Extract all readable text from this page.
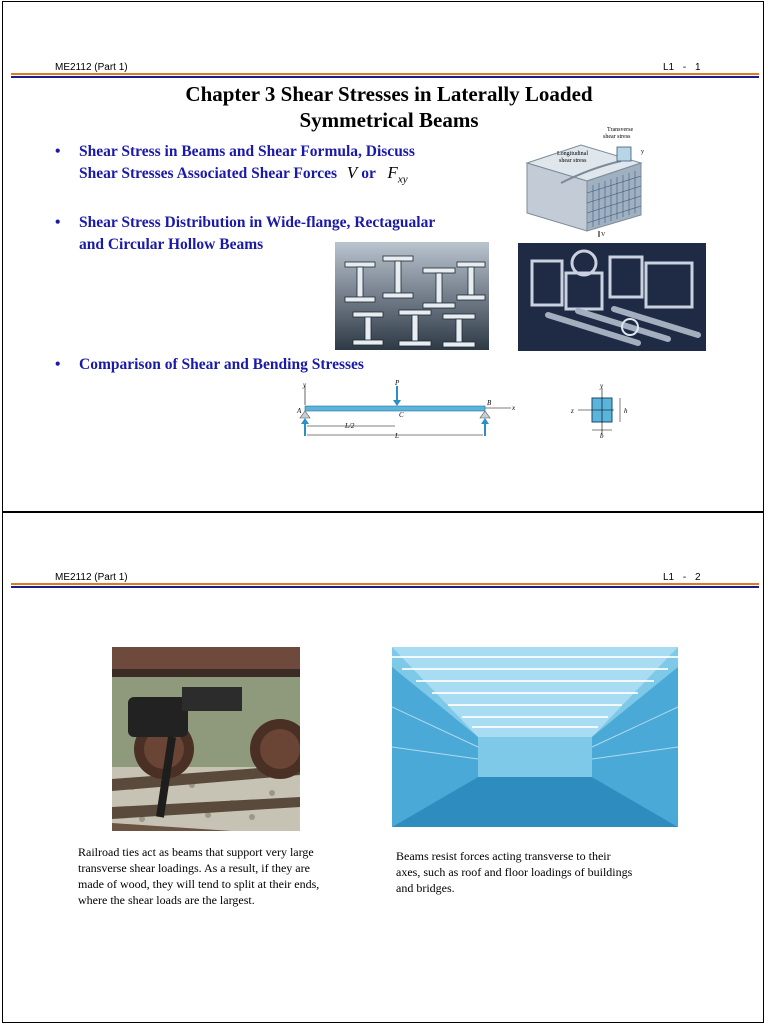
ME2112 (Part 1)	L1 - 1
Chapter 3 Shear Stresses in Laterally Loaded
Symmetrical Beams
• Shear Stress in Beams and Shear Formula, Discuss
Shear Stresses Associated Shear Forces V or $F_{xy}$
• Shear Stress Distribution in Wide-flange, Rectagualar
and Circular Hollow Beams
• Comparison of Shear and Bending Stresses
Transverse
shear stress
Longitudinal
shear stress
y
V
y	P
A
B
C
x
L/2
L
y
z	h
b
ME2112 (Part 1)	L1 - 2
Railroad ties act as beams that support very large
transverse shear loadings. As a result, if they are
made of wood, they will tend to split at their ends,
where the shear loads are the largest.
Beams resist forces acting transverse to their
axes, such as roof and floor loadings of buildings
and bridges.
